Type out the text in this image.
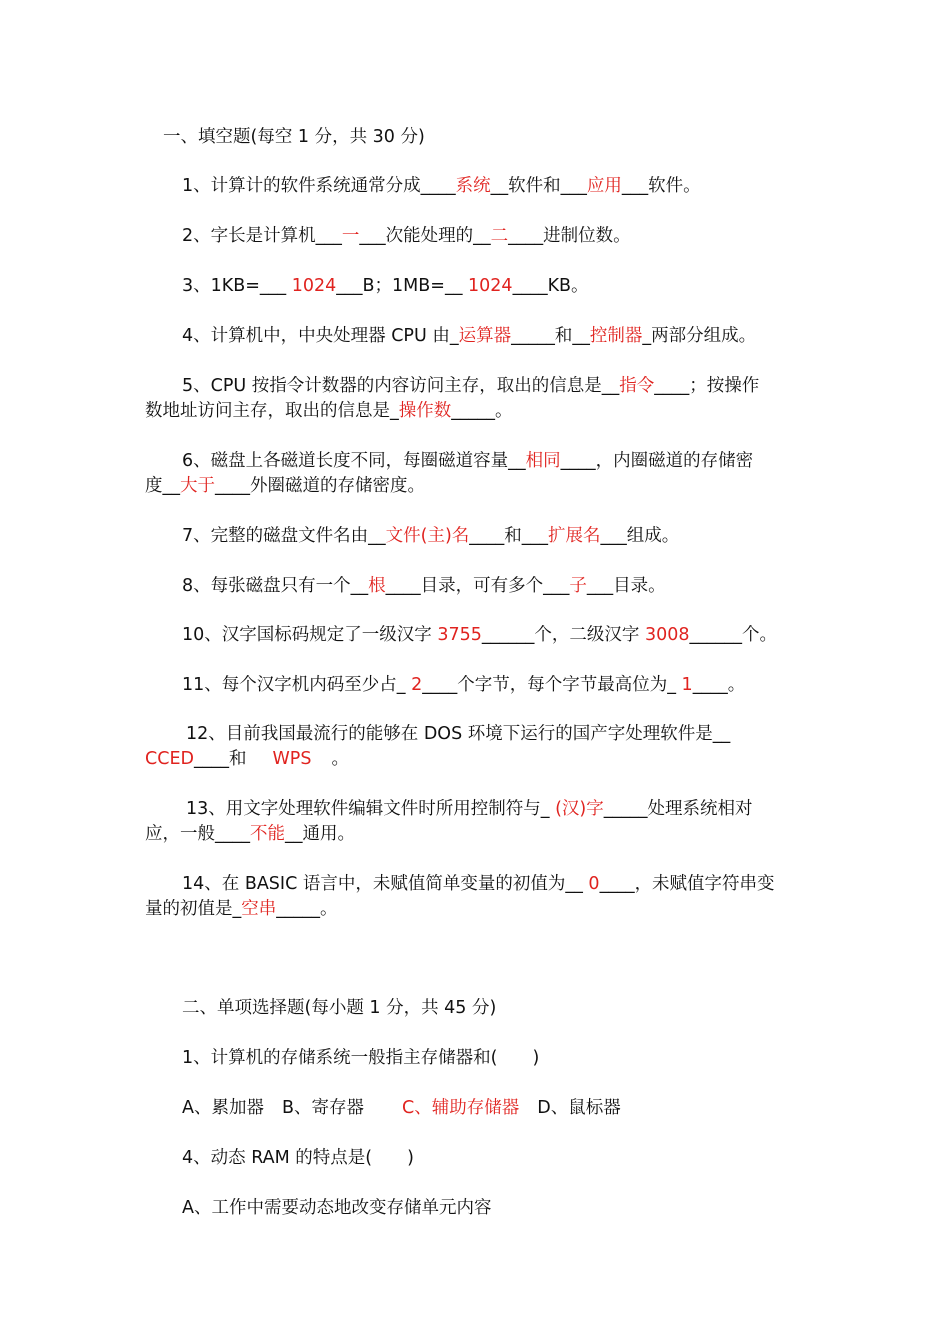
一、填空题(每空 1 分，共 30 分)
1、计算计的软件系统通常分成____系统__软件和___应用___软件。
2、字长是计算机___一___次能处理的__二____进制位数。
3、1KB=___ 1024___B；1MB=__ 1024____KB。
4、计算机中，中央处理器 CPU 由_运算器_____和__控制器_两部分组成。
5、CPU 按指令计数器的内容访问主存，取出的信息是__指令____；按操作
数地址访问主存，取出的信息是_操作数_____。
6、磁盘上各磁道长度不同，每圈磁道容量__相同____，内圈磁道的存储密
度__大于____外圈磁道的存储密度。
7、完整的磁盘文件名由__文件(主)名____和___扩展名___组成。
8、每张磁盘只有一个__根____目录，可有多个___子___目录。
10、汉字国标码规定了一级汉字 3755______个，二级汉字 3008______个。
11、每个汉字机内码至少占_ 2____个字节，每个字节最高位为_ 1____。
12、目前我国最流行的能够在 DOS 环境下运行的国产字处理软件是__
CCED____和 WPS 。
13、用文字处理软件编辑文件时所用控制符与_ (汉)字_____处理系统相对
应，一般____不能__通用。
14、在 BASIC 语言中，未赋值简单变量的初值为__ 0____，未赋值字符串变
量的初值是_空串_____。
二、单项选择题(每小题 1 分，共 45 分)
1、计算机的存储系统一般指主存储器和(　　)
A、累加器 B、寄存器 C、辅助存储器 D、鼠标器
4、动态 RAM 的特点是(　　)
A、工作中需要动态地改变存储单元内容
